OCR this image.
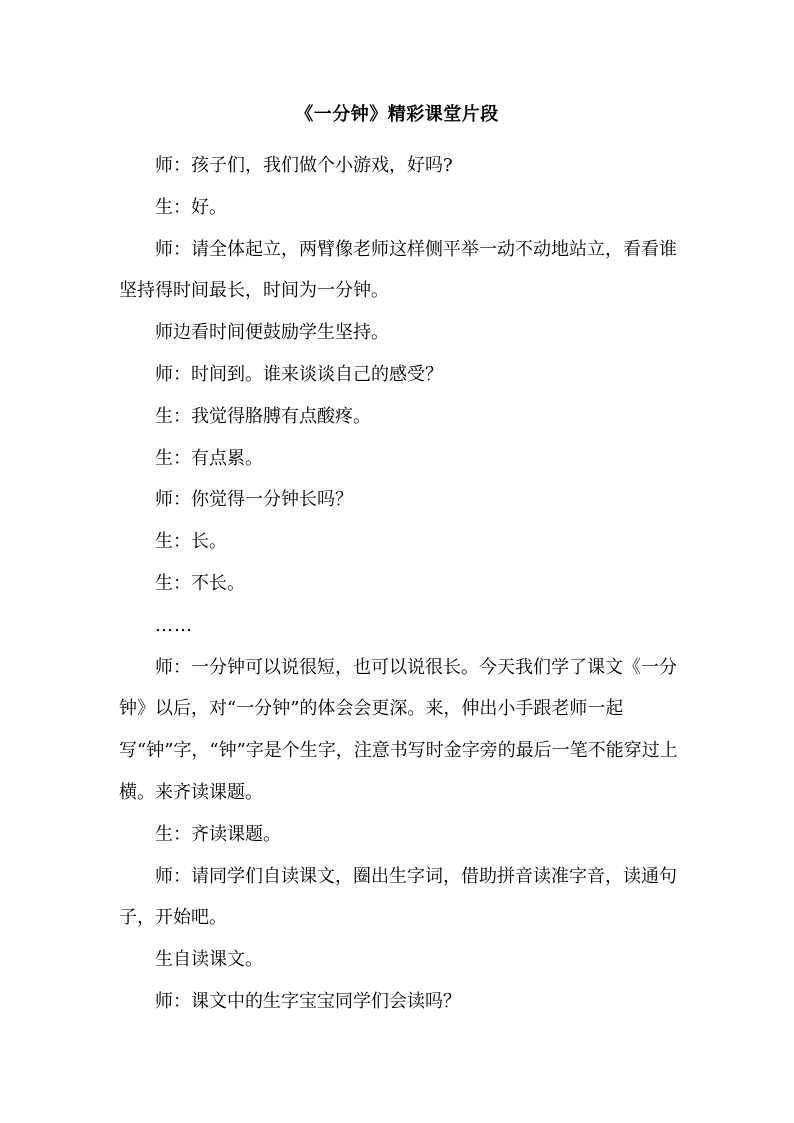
《一分钟》精彩课堂片段

师：孩子们，我们做个小游戏，好吗?

生：好。

师：请全体起立，两臂像老师这样侧平举一动不动地站立，看看谁坚持得时间最长，时间为一分钟。

师边看时间便鼓励学生坚持。

师：时间到。谁来谈谈自己的感受？

生：我觉得胳膊有点酸疼。

生：有点累。

师：你觉得一分钟长吗？

生：长。

生：不长。

……

师：一分钟可以说很短，也可以说很长。今天我们学了课文《一分钟》以后，对“一分钟”的体会会更深。来，伸出小手跟老师一起写“钟”字，“钟”字是个生字，注意书写时金字旁的最后一笔不能穿过上横。来齐读课题。

生：齐读课题。

师：请同学们自读课文，圈出生字词，借助拼音读准字音，读通句子，开始吧。

生自读课文。

师：课文中的生字宝宝同学们会读吗？
